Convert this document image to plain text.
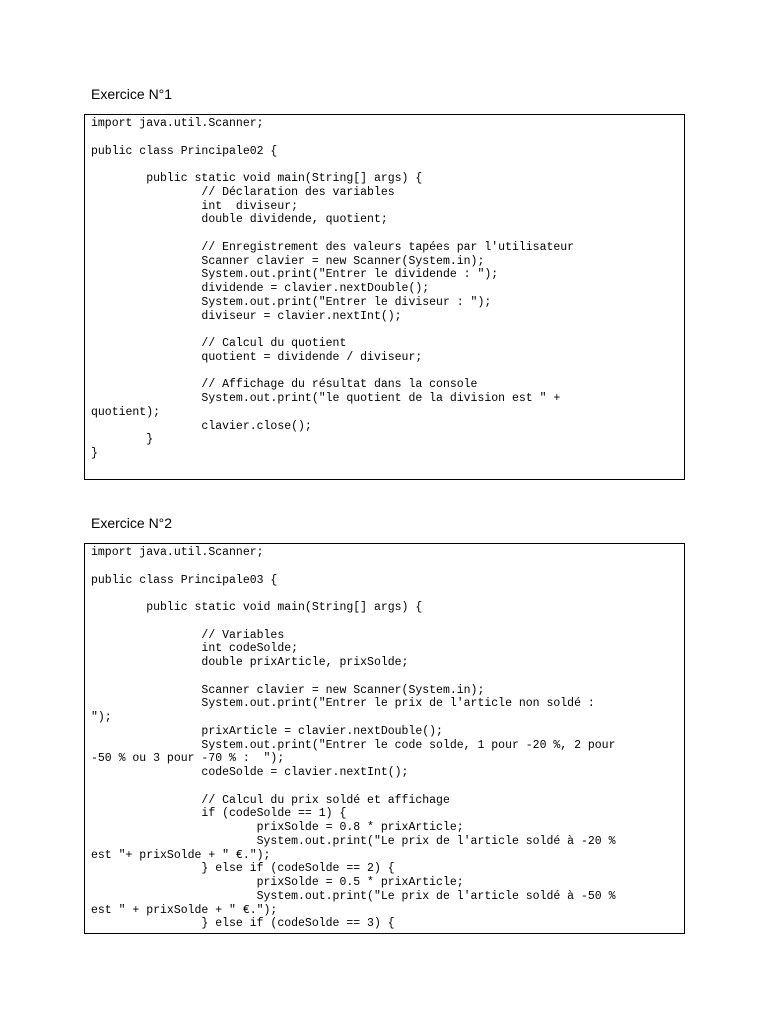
Exercice N°1
import java.util.Scanner;

public class Principale02 {

public static void main(String[] args) {
// Déclaration des variables
int  diviseur;
double dividende, quotient;

// Enregistrement des valeurs tapées par l'utilisateur
Scanner clavier = new Scanner(System.in);
System.out.print("Entrer le dividende : ");
dividende = clavier.nextDouble();
System.out.print("Entrer le diviseur : ");
diviseur = clavier.nextInt();

// Calcul du quotient
quotient = dividende / diviseur;

// Affichage du résultat dans la console
System.out.print("le quotient de la division est " +
quotient);
clavier.close();
}
}
Exercice N°2
import java.util.Scanner;

public class Principale03 {

public static void main(String[] args) {

// Variables
int codeSolde;
double prixArticle, prixSolde;

Scanner clavier = new Scanner(System.in);
System.out.print("Entrer le prix de l'article non soldé :
");
prixArticle = clavier.nextDouble();
System.out.print("Entrer le code solde, 1 pour -20 %, 2 pour
-50 % ou 3 pour -70 % :  ");
codeSolde = clavier.nextInt();

// Calcul du prix soldé et affichage
if (codeSolde == 1) {
prixSolde = 0.8 * prixArticle;
System.out.print("Le prix de l'article soldé à -20 %
est "+ prixSolde + " €.");
} else if (codeSolde == 2) {
prixSolde = 0.5 * prixArticle;
System.out.print("Le prix de l'article soldé à -50 %
est " + prixSolde + " €.");
} else if (codeSolde == 3) {
